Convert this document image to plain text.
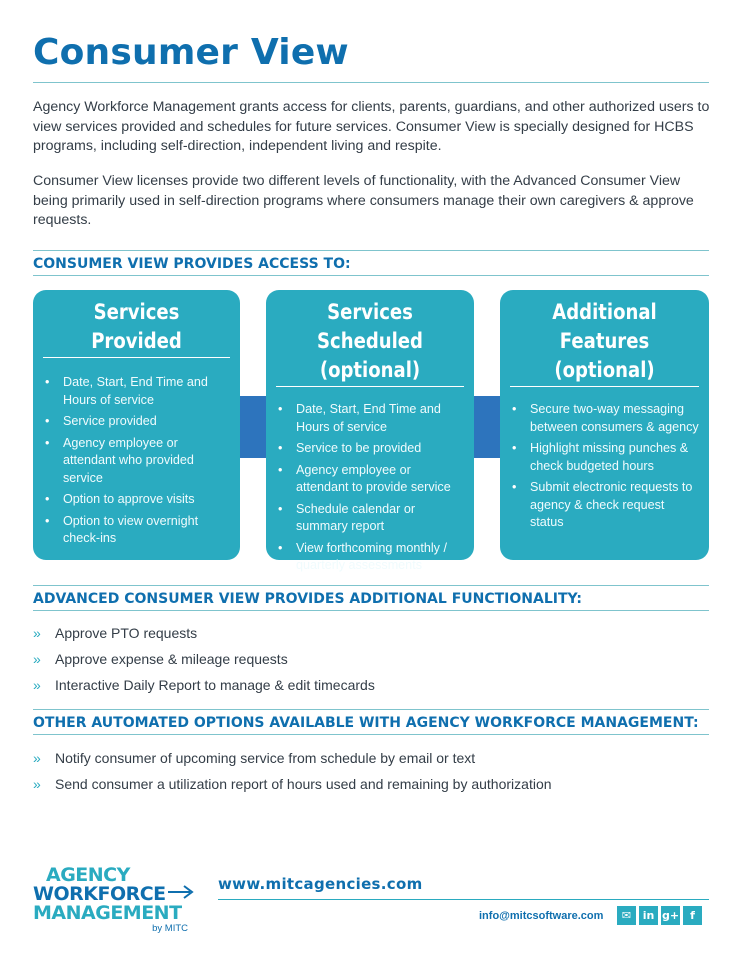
Consumer View

Agency Workforce Management grants access for clients, parents, guardians, and other authorized users to view services provided and schedules for future services. Consumer View is specially designed for HCBS programs, including self-direction, independent living and respite.

Consumer View licenses provide two different levels of functionality, with the Advanced Consumer View being primarily used in self-direction programs where consumers manage their own caregivers & approve requests.

CONSUMER VIEW PROVIDES ACCESS TO:
Services Provided
• Date, Start, End Time and Hours of service
• Service provided
• Agency employee or attendant who provided service
• Option to approve visits
• Option to view overnight check-ins
Services Scheduled
(optional)
• Date, Start, End Time and Hours of service
• Service to be provided
• Agency employee or attendant to provide service
• Schedule calendar or summary report
• View forthcoming monthly / quarterly assessments
Additional Features
(optional)
• Secure two-way messaging between consumers & agency
• Highlight missing punches & check budgeted hours
• Submit electronic requests to agency & check request status
ADVANCED CONSUMER VIEW PROVIDES ADDITIONAL FUNCTIONALITY:
» Approve PTO requests
» Approve expense & mileage requests
» Interactive Daily Report to manage & edit timecards
OTHER AUTOMATED OPTIONS AVAILABLE WITH AGENCY WORKFORCE MANAGEMENT:
» Notify consumer of upcoming service from schedule by email or text
» Send consumer a utilization report of hours used and remaining by authorization
AGENCY
WORKFORCE
MANAGEMENT
by MITC
www.mitcagencies.com
info@mitcsoftware.com	✉	in g+	f
